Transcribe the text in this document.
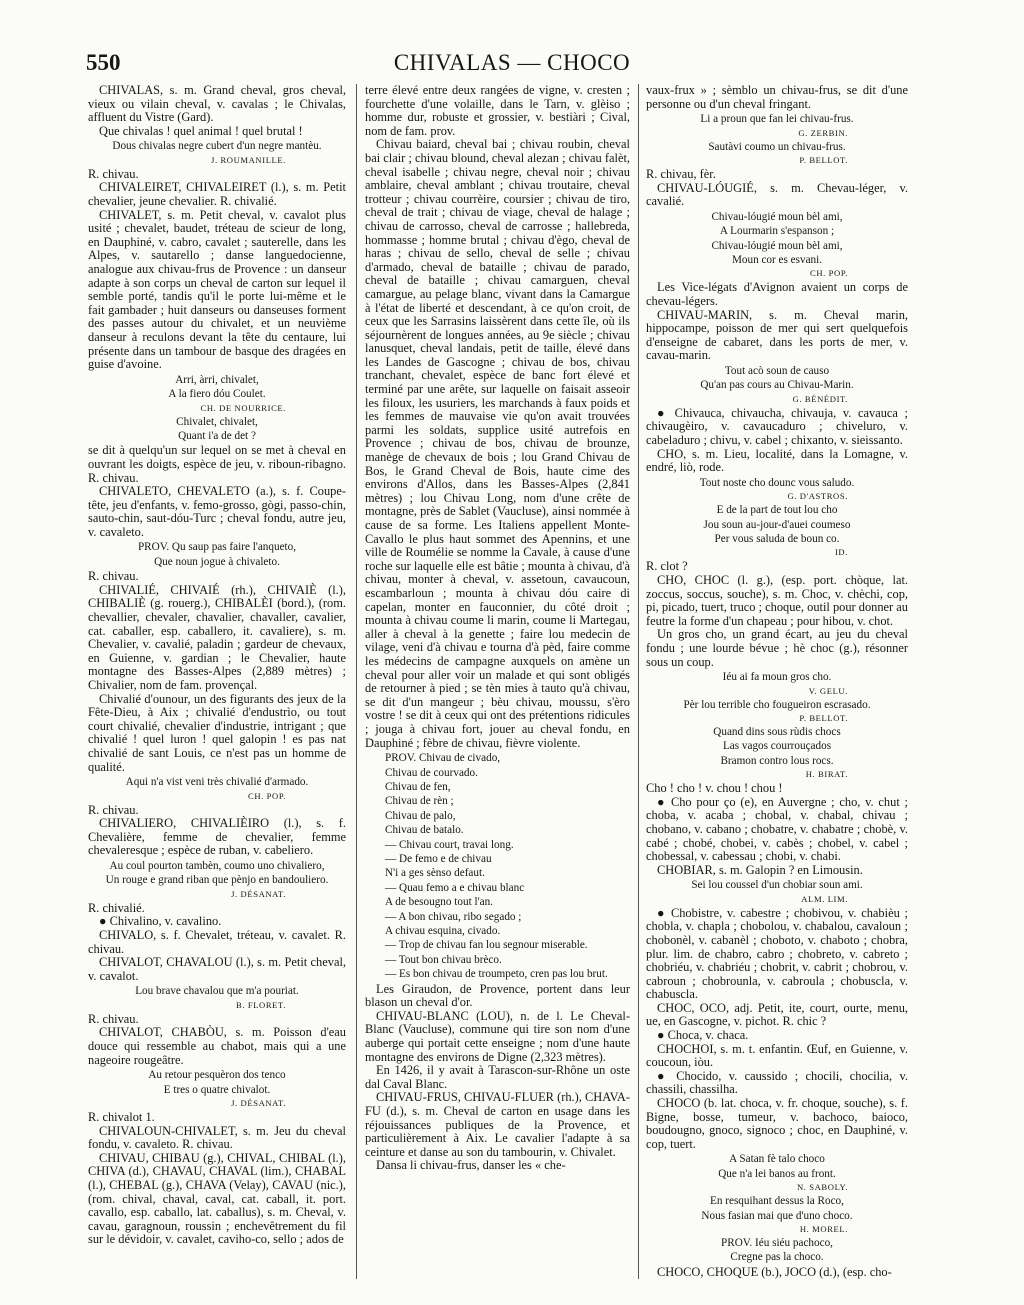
550	CHIVALAS — CHOCO

CHIVALAS, s. m. Grand cheval, gros cheval, vieux ou vilain cheval, v. cavalas ; le Chivalas, affluent du Vistre (Gard).

Que chivalas ! quel animal ! quel brutal !

Dous chivalas negre cubert d'un negre mantèu.

J. ROUMANILLE.

R. chivau.

CHIVALEIRET, CHIVALEIRET (l.), s. m. Petit chevalier, jeune chevalier. R. chivalié.

CHIVALET, s. m. Petit cheval, v. cavalot plus usité ; chevalet, baudet, tréteau de scieur de long, en Dauphiné, v. cabro, cavalet ; sauterelle, dans les Alpes, v. sautarello ; danse languedocienne, analogue aux chivau-frus de Provence : un danseur adapte à son corps un cheval de carton sur lequel il semble porté, tandis qu'il le porte lui-même et le fait gambader ; huit danseurs ou danseuses forment des passes autour du chivalet, et un neuvième danseur à reculons devant la tête du centaure, lui présente dans un tambour de basque des dragées en guise d'avoine.

Arri, àrri, chivalet,

A la fiero dóu Coulet.

CH. DE NOURRICE.

Chivalet, chivalet,

Quant i'a de det ?

se dit à quelqu'un sur lequel on se met à cheval en ouvrant les doigts, espèce de jeu, v. riboun-ribagno. R. chivau.

CHIVALETO, CHEVALETO (a.), s. f. Coupe-tête, jeu d'enfants, v. femo-grosso, gògi, passo-chin, sauto-chin, saut-dóu-Turc ; cheval fondu, autre jeu, v. cavaleto.

PROV. Qu saup pas faire l'anqueto,

Que noun jogue à chivaleto.

R. chivau.

CHIVALIÉ, CHIVAIÉ (rh.), CHIVAIÈ (l.), CHIBALIÈ (g. rouerg.), CHIBALÈI (bord.), (rom. chevallier, chevaler, chavalier, chavaller, cavalier, cat. caballer, esp. caballero, it. cavaliere), s. m. Chevalier, v. cavalié, paladin ; gardeur de chevaux, en Guienne, v. gardian ; le Chevalier, haute montagne des Basses-Alpes (2,889 mètres) ; Chivalier, nom de fam. provençal.

Chivalié d'ounour, un des figurants des jeux de la Fête-Dieu, à Aix ; chivalié d'endustrìo, ou tout court chivalié, chevalier d'industrie, intrigant ; que chivalié ! quel luron ! quel galopin ! es pas nat chivalié de sant Louis, ce n'est pas un homme de qualité.

Aqui n'a vist veni très chivalié d'armado.

CH. POP.

R. chivau.

CHIVALIERO, CHIVALIÈIRO (l.), s. f. Chevalière, femme de chevalier, femme chevaleresque ; espèce de ruban, v. cabeliero.

Au coul pourton tambèn, coumo uno chivaliero,

Un rouge e grand riban que pènjo en bandouliero.

J. DÉSANAT.

R. chivalié.

● Chivalino, v. cavalino.

CHIVALO, s. f. Chevalet, tréteau, v. cavalet. R. chivau.

CHIVALOT, CHAVALOU (l.), s. m. Petit cheval, v. cavalot.

Lou brave chavalou que m'a pouriat.

B. FLORET.

R. chivau.

CHIVALOT, CHABÒU, s. m. Poisson d'eau douce qui ressemble au chabot, mais qui a une nageoire rougeâtre.

Au retour pesquèron dos tenco

E tres o quatre chivalot.

J. DÉSANAT.

R. chivalot 1.

CHIVALOUN-CHIVALET, s. m. Jeu du cheval fondu, v. cavaleto. R. chivau.

CHIVAU, CHIBAU (g.), CHIVAL, CHIBAL (l.), CHIVA (d.), CHAVAU, CHAVAL (lim.), CHABAL (l.), CHEBAL (g.), CHAVA (Velay), CAVAU (nic.), (rom. chival, chaval, caval, cat. caball, it. port. cavallo, esp. caballo, lat. caballus), s. m. Cheval, v. cavau, garagnoun, roussin ; enchevêtrement du fil sur le dévidoir, v. cavalet, caviho-co, sello ; ados de

terre élevé entre deux rangées de vigne, v. cresten ; fourchette d'une volaille, dans le Tarn, v. glèiso ; homme dur, robuste et grossier, v. bestiàri ; Cival, nom de fam. prov.

Chivau baiard, cheval bai ; chivau roubin, cheval bai clair ; chivau blound, cheval alezan ; chivau falèt, cheval isabelle ; chivau negre, cheval noir ; chivau amblaire, cheval amblant ; chivau troutaire, cheval trotteur ; chivau courrèire, coursier ; chivau de tiro, cheval de trait ; chivau de viage, cheval de halage ; chivau de carrosso, cheval de carrosse ; hallebreda, hommasse ; homme brutal ; chivau d'ègo, cheval de haras ; chivau de sello, cheval de selle ; chivau d'armado, cheval de bataille ; chivau de parado, cheval de bataille ; chivau camarguen, cheval camargue, au pelage blanc, vivant dans la Camargue à l'état de liberté et descendant, à ce qu'on croit, de ceux que les Sarrasins laissèrent dans cette île, où ils séjournèrent de longues années, au 9e siècle ; chivau lanusquet, cheval landais, petit de taille, élevé dans les Landes de Gascogne ; chivau de bos, chivau tranchant, chevalet, espèce de banc fort élevé et terminé par une arête, sur laquelle on faisait asseoir les filoux, les usuriers, les marchands à faux poids et les femmes de mauvaise vie qu'on avait trouvées parmi les soldats, supplice usité autrefois en Provence ; chivau de bos, chivau de brounze, manège de chevaux de bois ; lou Grand Chivau de Bos, le Grand Cheval de Bois, haute cime des environs d'Allos, dans les Basses-Alpes (2,841 mètres) ; lou Chivau Long, nom d'une crête de montagne, près de Sablet (Vaucluse), ainsi nommée à cause de sa forme. Les Italiens appellent Monte-Cavallo le plus haut sommet des Apennins, et une ville de Roumélie se nomme la Cavale, à cause d'une roche sur laquelle elle est bâtie ; mounta à chivau, d'à chivau, monter à cheval, v. assetoun, cavaucoun, escambarloun ; mounta à chivau dóu caire di capelan, monter en fauconnier, du côté droit ; mounta à chivau coume li marin, coume li Martegau, aller à cheval à la genette ; faire lou medecin de vilage, veni d'à chivau e tourna d'à pèd, faire comme les médecins de campagne auxquels on amène un cheval pour aller voir un malade et qui sont obligés de retourner à pied ; se tèn mies à tauto qu'à chivau, se dit d'un mangeur ; bèu chivau, moussu, s'èro vostre ! se dit à ceux qui ont des prétentions ridicules ; jouga à chivau fort, jouer au cheval fondu, en Dauphiné ; fèbre de chivau, fièvre violente.

PROV. Chivau de civado,

Chivau de courvado.

Chivau de fen,

Chivau de rèn ;

Chivau de palo,

Chivau de batalo.

— Chivau court, travai long.

— De femo e de chivau

N'i a ges sènso defaut.

— Quau femo a e chivau blanc

A de besougno tout l'an.

— A bon chivau, ribo segado ;

A chivau esquina, civado.

— Trop de chivau fan lou segnour miserable.

— Tout bon chivau brèco.

— Es bon chivau de troumpeto, cren pas lou brut.

Les Giraudon, de Provence, portent dans leur blason un cheval d'or.

CHIVAU-BLANC (LOU), n. de l. Le Cheval-Blanc (Vaucluse), commune qui tire son nom d'une auberge qui portait cette enseigne ; nom d'une haute montagne des environs de Digne (2,323 mètres).

En 1426, il y avait à Tarascon-sur-Rhône un oste dal Caval Blanc.

CHIVAU-FRUS, CHIVAU-FLUER (rh.), CHAVA-FU (d.), s. m. Cheval de carton en usage dans les réjouissances publiques de la Provence, et particulièrement à Aix. Le cavalier l'adapte à sa ceinture et danse au son du tambourin, v. Chivalet.

Dansa li chivau-frus, danser les « che-

vaux-frux » ; sèmblo un chivau-frus, se dit d'une personne ou d'un cheval fringant.

Li a proun que fan lei chivau-frus.

G. ZERBIN.

Sautàvi coumo un chivau-frus.

P. BELLOT.

R. chivau, fèr.

CHIVAU-LÓUGIÉ, s. m. Chevau-léger, v. cavalié.

Chivau-lóugié moun bèl ami,

A Lourmarin s'espanson ;

Chivau-lóugié moun bèl ami,

Moun cor es esvani.

CH. POP.

Les Vice-légats d'Avignon avaient un corps de chevau-légers.

CHIVAU-MARIN, s. m. Cheval marin, hippocampe, poisson de mer qui sert quelquefois d'enseigne de cabaret, dans les ports de mer, v. cavau-marin.

Tout acò soun de causo

Qu'an pas cours au Chivau-Marin.

G. BÉNÉDIT.

● Chivauca, chivaucha, chivauja, v. cavauca ; chivaugèiro, v. cavaucaduro ; chiveluro, v. cabeladuro ; chivu, v. cabel ; chixanto, v. sieissanto.

CHO, s. m. Lieu, localité, dans la Lomagne, v. endré, liò, rode.

Tout noste cho dounc vous saludo.

G. D'ASTROS.

E de la part de tout lou cho

Jou soun au-jour-d'auei coumeso

Per vous saluda de boun co.

ID.

R. clot ?

CHO, CHOC (l. g.), (esp. port. chòque, lat. zoccus, soccus, souche), s. m. Choc, v. chèchi, cop, pi, picado, tuert, truco ; choque, outil pour donner au feutre la forme d'un chapeau ; pour hibou, v. chot.

Un gros cho, un grand écart, au jeu du cheval fondu ; une lourde bévue ; hè choc (g.), résonner sous un coup.

Iéu ai fa moun gros cho.

V. GELU.

Pèr lou terrible cho fougueiron escrasado.

P. BELLOT.

Quand dins sous rùdis chocs

Las vagos courrouçados

Bramon contro lous rocs.

H. BIRAT.

Cho ! cho ! v. chou ! chou !

● Cho pour ço (e), en Auvergne ; cho, v. chut ; choba, v. acaba ; chobal, v. chabal, chivau ; chobano, v. cabano ; chobatre, v. chabatre ; chobè, v. cabé ; chobé, chobei, v. cabès ; chobel, v. cabel ; chobessal, v. cabessau ; chobi, v. chabi.

CHOBIAR, s. m. Galopin ? en Limousin.

Sei lou coussel d'un chobiar soun ami.

ALM. LIM.

● Chobistre, v. cabestre ; chobivou, v. chabièu ; chobla, v. chapla ; chobolou, v. chabalou, cavaloun ; chobonèl, v. cabanèl ; choboto, v. chaboto ; chobra, plur. lim. de chabro, cabro ; chobreto, v. cabreto ; chobriéu, v. chabriéu ; chobrit, v. cabrit ; chobrou, v. cabroun ; chobrounla, v. cabroula ; chobuscla, v. chabuscla.

CHOC, OCO, adj. Petit, ite, court, ourte, menu, ue, en Gascogne, v. pichot. R. chic ?

● Choca, v. chaca.

CHOCHOI, s. m. t. enfantin. Œuf, en Guienne, v. coucoun, iòu.

● Chocido, v. caussido ; chocili, chocilia, v. chassili, chassilha.

CHOCO (b. lat. choca, v. fr. choque, souche), s. f. Bigne, bosse, tumeur, v. bachoco, baioco, boudougno, gnoco, signoco ; choc, en Dauphiné, v. cop, tuert.

A Satan fè talo choco

Que n'a lei banos au front.

N. SABOLY.

En resquihant dessus la Roco,

Nous fasian mai que d'uno choco.

H. MOREL.

PROV. Iéu siéu pachoco,

Cregne pas la choco.

CHOCO, CHOQUE (b.), JOCO (d.), (esp. cho-
